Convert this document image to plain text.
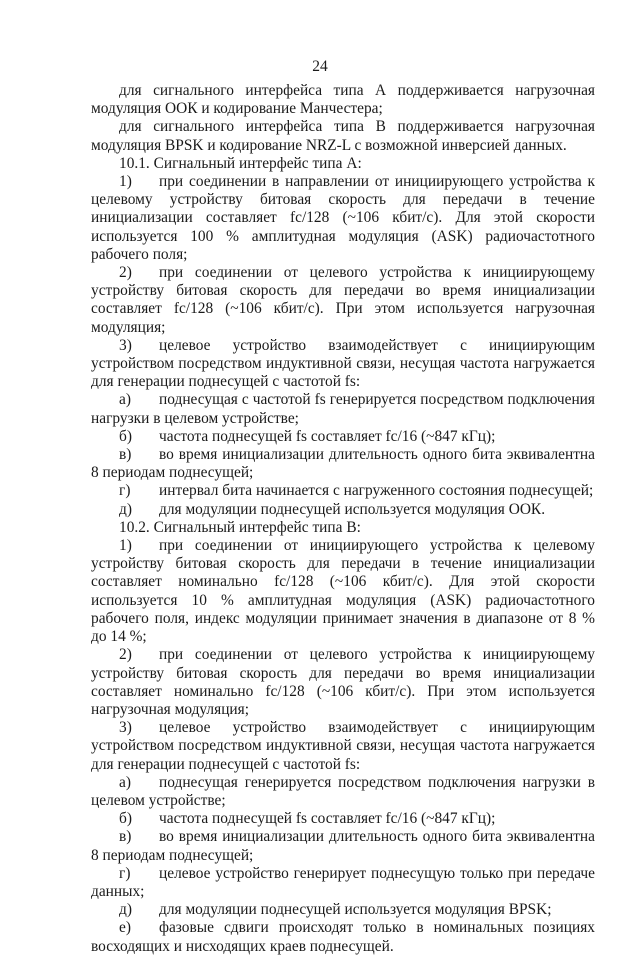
24

для сигнального интерфейса типа А поддерживается нагрузочная модуляция ООК и кодирование Манчестера;

для сигнального интерфейса типа В поддерживается нагрузочная модуляция BPSK и кодирование NRZ-L с возможной инверсией данных.

10.1. Сигнальный интерфейс типа А:

1) при соединении в направлении от инициирующего устройства к целевому устройству битовая скорость для передачи в течение инициализации составляет fc/128 (~106 кбит/с). Для этой скорости используется 100 % амплитудная модуляция (ASK) радиочастотного рабочего поля;

2) при соединении от целевого устройства к инициирующему устройству битовая скорость для передачи во время инициализации составляет fc/128 (~106 кбит/с). При этом используется нагрузочная модуляция;

3) целевое устройство взаимодействует с инициирующим устройством посредством индуктивной связи, несущая частота нагружается для генерации поднесущей с частотой fs:

а) поднесущая с частотой fs генерируется посредством подключения нагрузки в целевом устройстве;

б) частота поднесущей fs составляет fc/16 (~847 кГц);

в) во время инициализации длительность одного бита эквивалентна 8 периодам поднесущей;

г) интервал бита начинается с нагруженного состояния поднесущей;

д) для модуляции поднесущей используется модуляция ООК.

10.2. Сигнальный интерфейс типа В:

1) при соединении от инициирующего устройства к целевому устройству битовая скорость для передачи в течение инициализации составляет номинально fc/128 (~106 кбит/с). Для этой скорости используется 10 % амплитудная модуляция (ASK) радиочастотного рабочего поля, индекс модуляции принимает значения в диапазоне от 8 % до 14 %;

2) при соединении от целевого устройства к инициирующему устройству битовая скорость для передачи во время инициализации составляет номинально fc/128 (~106 кбит/с). При этом используется нагрузочная модуляция;

3) целевое устройство взаимодействует с инициирующим устройством посредством индуктивной связи, несущая частота нагружается для генерации поднесущей с частотой fs:

а) поднесущая генерируется посредством подключения нагрузки в целевом устройстве;

б) частота поднесущей fs составляет fc/16 (~847 кГц);

в) во время инициализации длительность одного бита эквивалентна 8 периодам поднесущей;

г) целевое устройство генерирует поднесущую только при передаче данных;

д) для модуляции поднесущей используется модуляция BPSK;

е) фазовые сдвиги происходят только в номинальных позициях восходящих и нисходящих краев поднесущей.
